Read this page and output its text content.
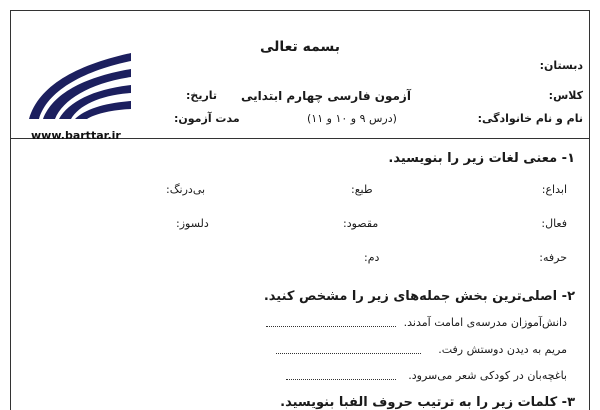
بسمه تعالی
دبستان:
کلاس:
نام و نام خانوادگی:
آزمون فارسی چهارم ابتدایی
(درس ۹ و ۱۰ و ۱۱)
تاریخ:
مدت آزمون:
www.barttar.ir
۱- معنی لغات زیر را بنویسید.
ابداع:
طبع:
بی‌درنگ:
فعال:
مقصود:
دلسوز:
حرفه:
دم:
۲- اصلی‌ترین بخش جمله‌های زیر را مشخص کنید.
دانش‌آموزان مدرسه‌ی امامت آمدند.
مریم به دیدن دوستش رفت.
باغچه‌بان در کودکی شعر می‌سرود.
۳- کلمات زیر را به ترتیب حروف الفبا بنویسید.
